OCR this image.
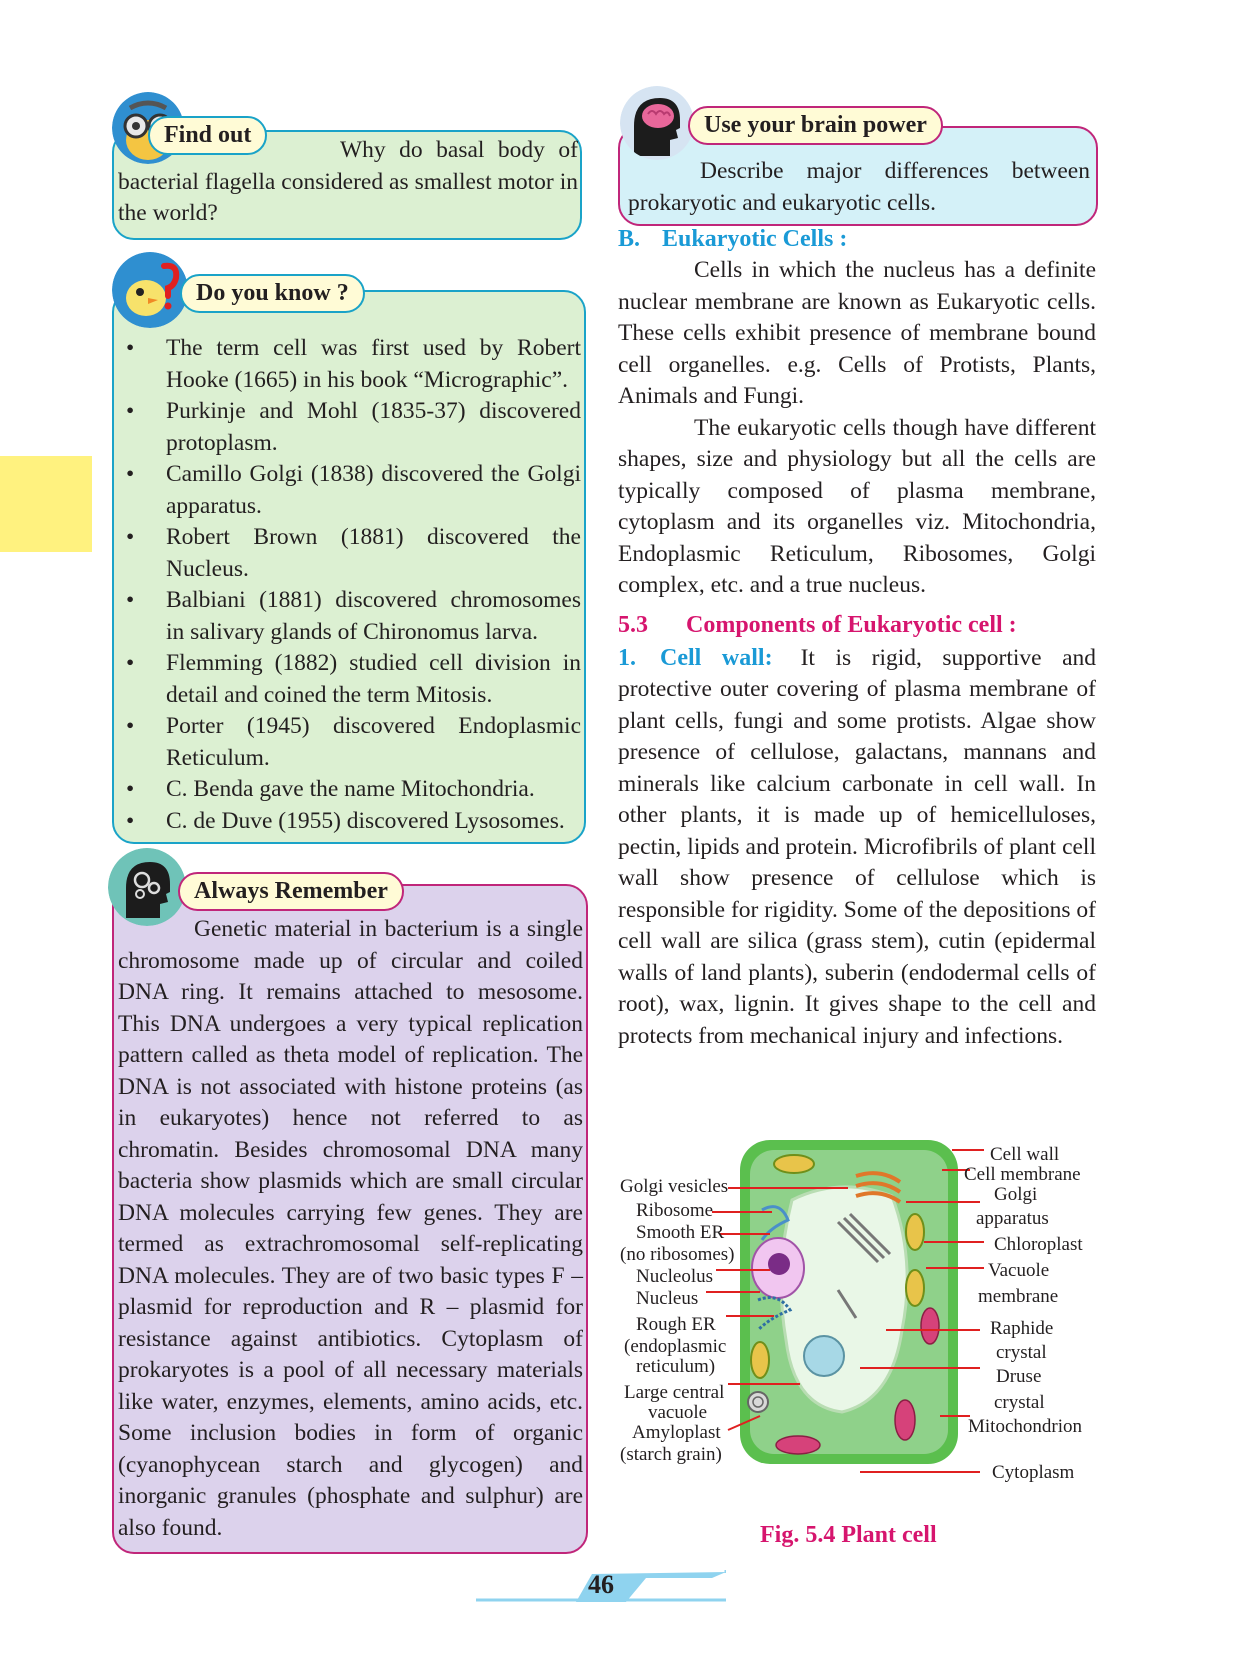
Find out
Why do basal body of bacterial flagella considered as smallest motor in the world?
Do you know ?
• The term cell was first used by Robert Hooke (1665) in his book “Micrographic”.
• Purkinje and Mohl (1835-37) discovered protoplasm.
• Camillo Golgi (1838) discovered the Golgi apparatus.
• Robert Brown (1881) discovered the Nucleus.
• Balbiani (1881) discovered chromosomes in salivary glands of Chironomus larva.
• Flemming (1882) studied cell division in detail and coined the term Mitosis.
• Porter (1945) discovered Endoplasmic Reticulum.
• C. Benda gave the name Mitochondria.
• C. de Duve (1955) discovered Lysosomes.
Always Remember
Genetic material in bacterium is a single chromosome made up of circular and coiled DNA ring. It remains attached to mesosome. This DNA undergoes a very typical replication pattern called as theta model of replication. The DNA is not associated with histone proteins (as in eukaryotes) hence not referred to as chromatin. Besides chromosomal DNA many bacteria show plasmids which are small circular DNA molecules carrying few genes. They are termed as extrachromosomal self-replicating DNA molecules. They are of two basic types F – plasmid for reproduction and R – plasmid for resistance against antibiotics. Cytoplasm of prokaryotes is a pool of all necessary materials like water, enzymes, elements, amino acids, etc. Some inclusion bodies in form of organic (cyanophycean starch and glycogen) and inorganic granules (phosphate and sulphur) are also found.
Use your brain power
Describe major differences between prokaryotic and eukaryotic cells.
B. Eukaryotic Cells :
Cells in which the nucleus has a definite nuclear membrane are known as Eukaryotic cells. These cells exhibit presence of membrane bound cell organelles. e.g. Cells of Protists, Plants, Animals and Fungi.
The eukaryotic cells though have different shapes, size and physiology but all the cells are typically composed of plasma membrane, cytoplasm and its organelles viz. Mitochondria, Endoplasmic Reticulum, Ribosomes, Golgi complex, etc. and a true nucleus.
5.3 Components of Eukaryotic cell :
1. Cell wall: It is rigid, supportive and protective outer covering of plasma membrane of plant cells, fungi and some protists. Algae show presence of cellulose, galactans, mannans and minerals like calcium carbonate in cell wall. In other plants, it is made up of hemicelluloses, pectin, lipids and protein. Microfibrils of plant cell wall show presence of cellulose which is responsible for rigidity. Some of the depositions of cell wall are silica (grass stem), cutin (epidermal walls of land plants), suberin (endodermal cells of root), wax, lignin. It gives shape to the cell and protects from mechanical injury and infections.
Golgi vesicles
Ribosome
Smooth ER
(no ribosomes)
Nucleolus
Nucleus
Rough ER
(endoplasmic
reticulum)
Large central
vacuole
Amyloplast
(starch grain)
Cell wall
Cell membrane
Golgi
apparatus
Chloroplast
Vacuole
membrane
Raphide
crystal
Druse
crystal
Mitochondrion
Cytoplasm
Fig. 5.4 Plant cell
46
